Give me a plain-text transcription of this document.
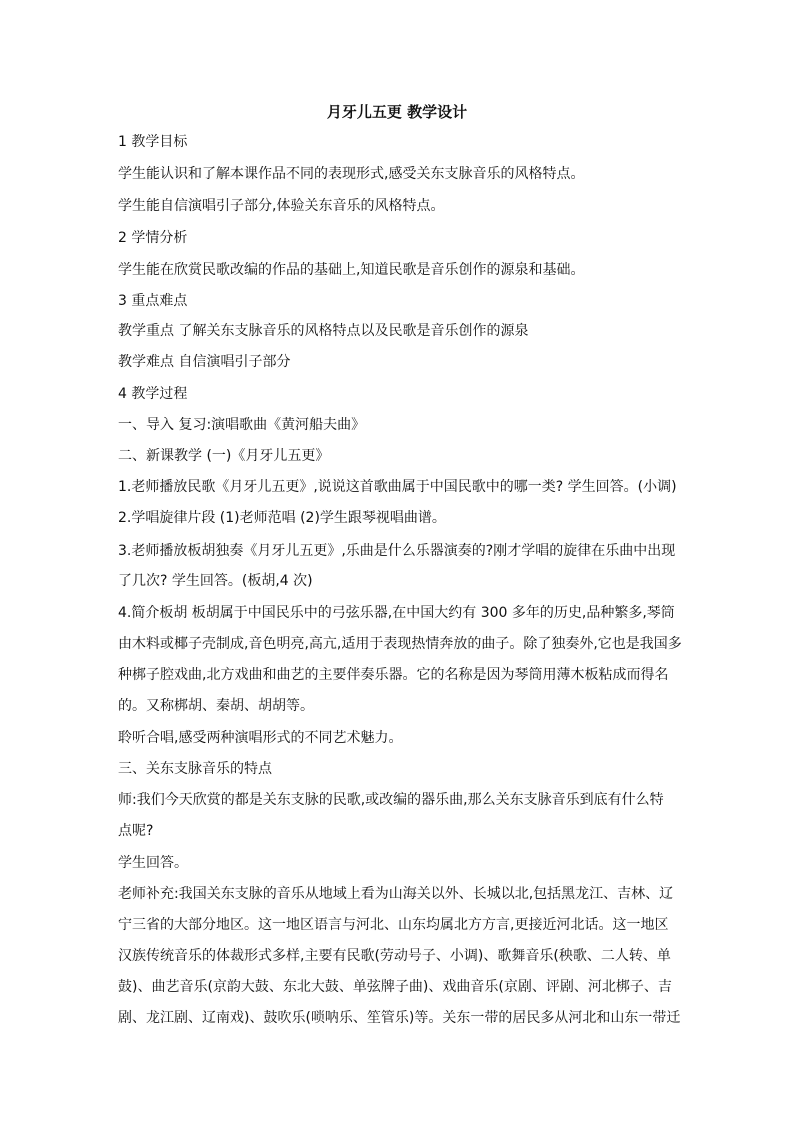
月牙儿五更 教学设计
1 教学目标
学生能认识和了解本课作品不同的表现形式,感受关东支脉音乐的风格特点。
学生能自信演唱引子部分,体验关东音乐的风格特点。
2 学情分析
学生能在欣赏民歌改编的作品的基础上,知道民歌是音乐创作的源泉和基础。
3 重点难点
教学重点 了解关东支脉音乐的风格特点以及民歌是音乐创作的源泉
教学难点 自信演唱引子部分
4 教学过程
一、导入 复习:演唱歌曲《黄河船夫曲》
二、新课教学 (一)《月牙儿五更》
1.老师播放民歌《月牙儿五更》,说说这首歌曲属于中国民歌中的哪一类? 学生回答。(小调)
2.学唱旋律片段 (1)老师范唱 (2)学生跟琴视唱曲谱。
3.老师播放板胡独奏《月牙儿五更》,乐曲是什么乐器演奏的?刚才学唱的旋律在乐曲中出现
了几次? 学生回答。(板胡,4 次)
4.简介板胡 板胡属于中国民乐中的弓弦乐器,在中国大约有 300 多年的历史,品种繁多,琴筒
由木料或椰子壳制成,音色明亮,高亢,适用于表现热情奔放的曲子。除了独奏外,它也是我国多
种梆子腔戏曲,北方戏曲和曲艺的主要伴奏乐器。它的名称是因为琴筒用薄木板粘成而得名
的。又称梆胡、秦胡、胡胡等。
聆听合唱,感受两种演唱形式的不同艺术魅力。
三、关东支脉音乐的特点
师:我们今天欣赏的都是关东支脉的民歌,或改编的器乐曲,那么关东支脉音乐到底有什么特
点呢?
学生回答。
老师补充:我国关东支脉的音乐从地域上看为山海关以外、长城以北,包括黑龙江、吉林、辽
宁三省的大部分地区。这一地区语言与河北、山东均属北方方言,更接近河北话。这一地区
汉族传统音乐的体裁形式多样,主要有民歌(劳动号子、小调)、歌舞音乐(秧歌、二人转、单
鼓)、曲艺音乐(京韵大鼓、东北大鼓、单弦牌子曲)、戏曲音乐(京剧、评剧、河北梆子、吉
剧、龙江剧、辽南戏)、鼓吹乐(唢呐乐、笙管乐)等。关东一带的居民多从河北和山东一带迁
